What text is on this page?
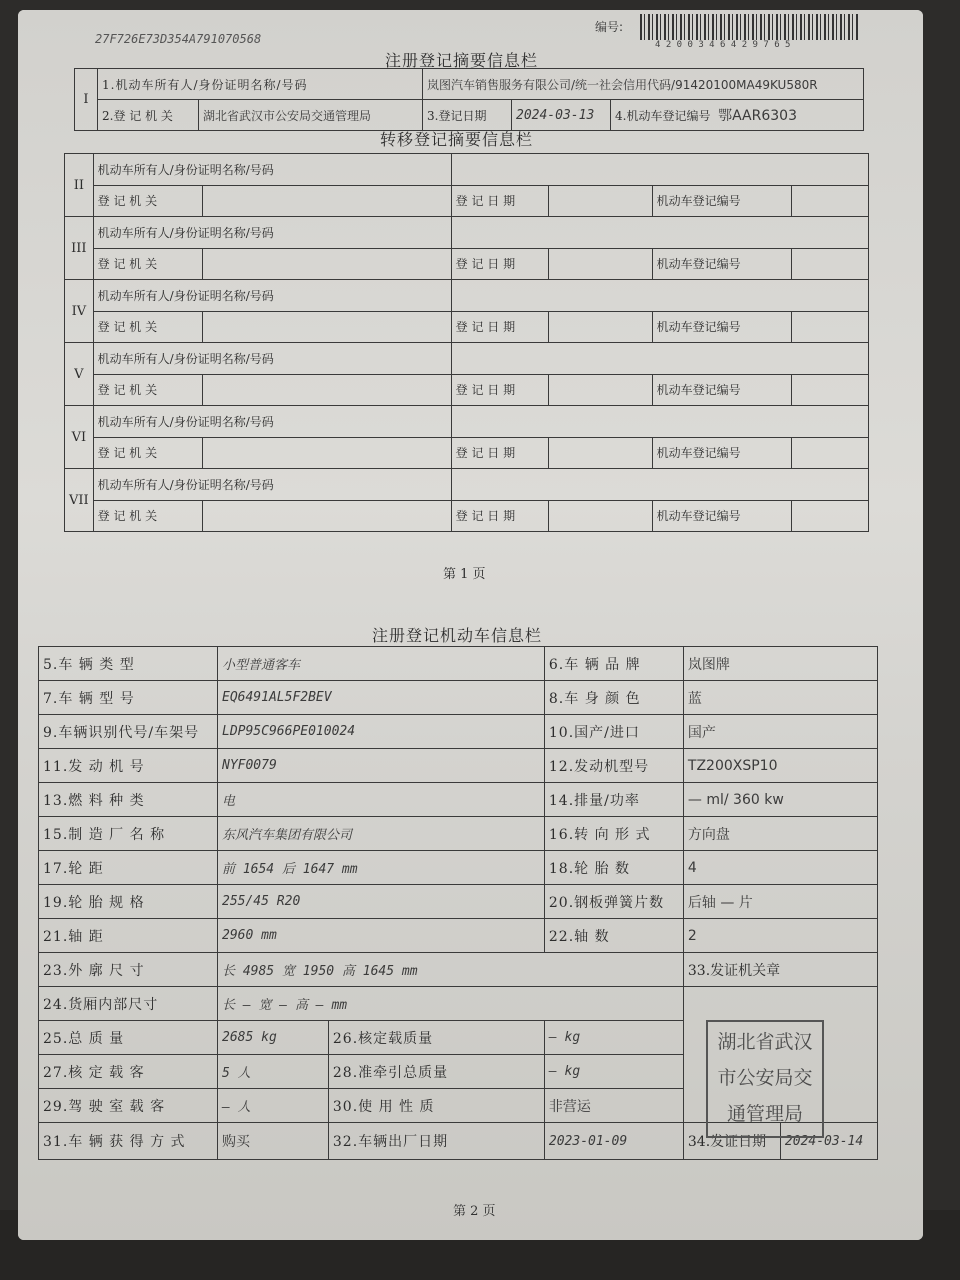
27F726E73D354A791070568
编号:
4 2 0 0 3 4 6 4 2 9 7 6 5
注册登记摘要信息栏
I	1.机动车所有人/身份证明名称/号码		岚图汽车销售服务有限公司/统一社会信用代码/91420100MA49KU580R		
	2.登 记 机 关	湖北省武汉市公安局交通管理局	3.登记日期	2024-03-13	4.机动车登记编号 鄂AAR6303
转移登记摘要信息栏
II	机动车所有人/身份证明名称/号码					
	登 记 机 关		登 记 日 期		机动车登记编号	
III	机动车所有人/身份证明名称/号码					
	登 记 机 关		登 记 日 期		机动车登记编号	
IV	机动车所有人/身份证明名称/号码					
	登 记 机 关		登 记 日 期		机动车登记编号	
V	机动车所有人/身份证明名称/号码					
	登 记 机 关		登 记 日 期		机动车登记编号	
VI	机动车所有人/身份证明名称/号码					
	登 记 机 关		登 记 日 期		机动车登记编号	
VII	机动车所有人/身份证明名称/号码					
	登 记 机 关		登 记 日 期		机动车登记编号	
第 1 页
注册登记机动车信息栏
5.车 辆 类 型	小型普通客车		6.车 辆 品 牌	岚图牌	
7.车 辆 型 号	EQ6491AL5F2BEV		8.车 身 颜 色	蓝	
9.车辆识别代号/车架号	LDP95C966PE010024		10.国产/进口	国产	
11.发 动 机 号	NYF0079		12.发动机型号	TZ200XSP10	
13.燃 料 种 类	电		14.排量/功率	— ml/ 360 kw	
15.制 造 厂 名 称	东风汽车集团有限公司		16.转 向 形 式	方向盘	
17.轮 距	前 1654 后 1647 mm		18.轮 胎 数	4	
19.轮 胎 规 格	255/45 R20		20.钢板弹簧片数	后轴 — 片	
21.轴 距	2960 mm		22.轴 数	2	
23.外 廓 尺 寸	长 4985 宽 1950 高 1645 mm			33.发证机关章	
24.货厢内部尺寸	长 — 宽 — 高 — mm				
25.总 质 量	2685 kg	26.核定载质量	— kg		
27.核 定 载 客	5 人	28.准牵引总质量	— kg		
29.驾 驶 室 载 客	— 人	30.使 用 性 质	非营运		
31.车 辆 获 得 方 式	购买	32.车辆出厂日期	2023-01-09	34.发证日期	2024-03-14
第 2 页
湖北省武汉
市公安局交
通管理局
